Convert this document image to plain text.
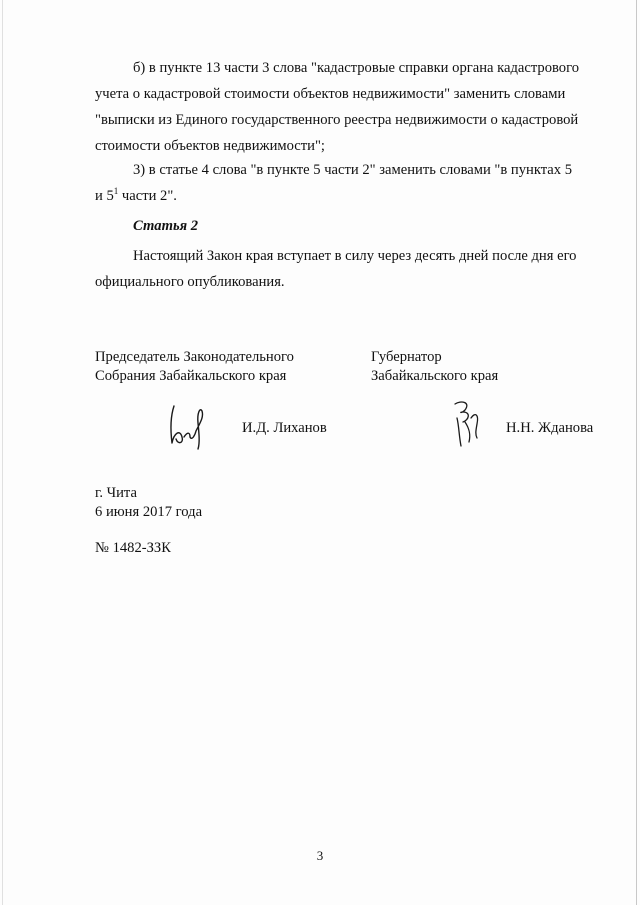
б) в пункте 13 части 3 слова "кадастровые справки органа кадастрового
учета о кадастровой стоимости объектов недвижимости" заменить словами
"выписки из Единого государственного реестра недвижимости о кадастровой
стоимости объектов недвижимости";
3) в статье 4 слова "в пункте 5 части 2" заменить словами "в пунктах 5
и $5^1$ части 2".
Статья 2
Настоящий Закон края вступает в силу через десять дней после дня его
официального опубликования.
Председатель Законодательного
Собрания Забайкальского края
Губернатор
Забайкальского края
И.Д. Лиханов	Н.Н. Жданова
г. Чита
6 июня 2017 года
№ 1482-ЗЗК
3
